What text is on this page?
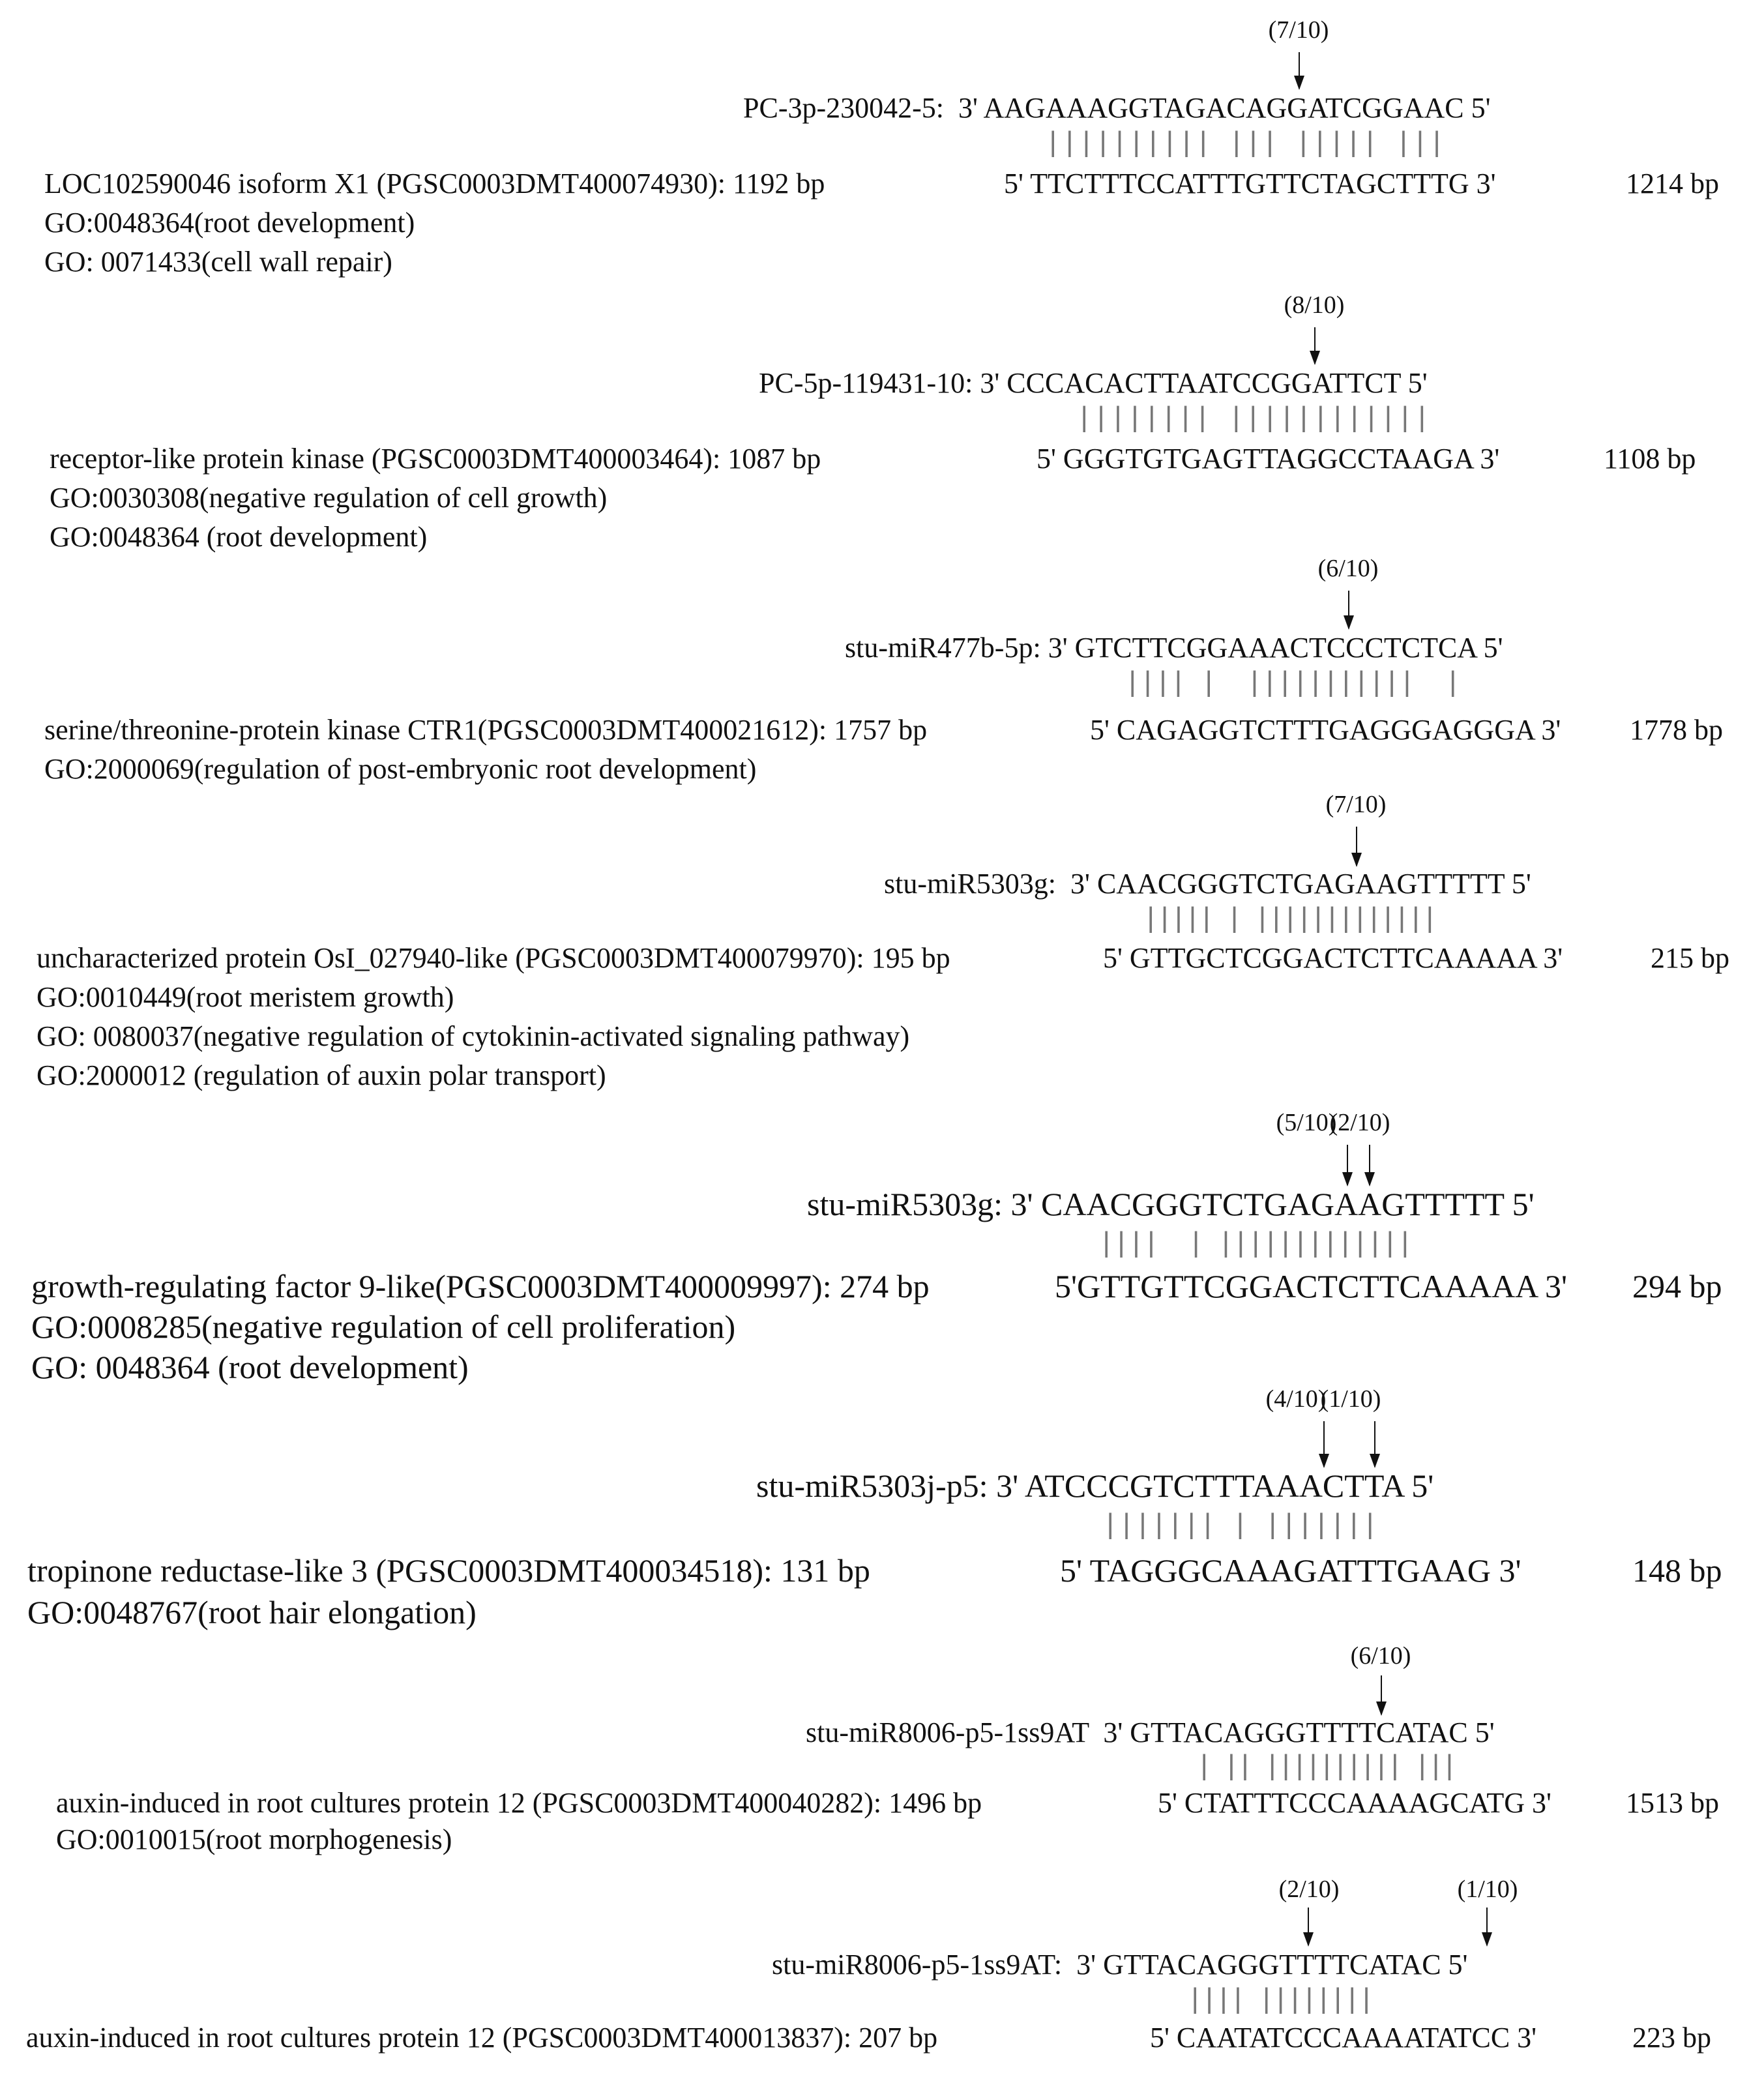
(7/10)
PC-3p-230042-5: 3' AAGAAAGGTAGACAGGATCGGAAC 5'
|||||||||| ||| ||||| |||
LOC102590046 isoform X1 (PGSC0003DMT400074930): 1192 bp	5' TTCTTTCCATTTGTTCTAGCTTTG 3'	1214 bp
GO:0048364(root development)
GO: 0071433(cell wall repair)
(8/10)
PC-5p-119431-10: 3' CCCACACTTAATCCGGATTCT 5'
|||||||| ||||||||||||
receptor-like protein kinase (PGSC0003DMT400003464): 1087 bp	5' GGGTGTGAGTTAGGCCTAAGA 3'	1108 bp
GO:0030308(negative regulation of cell growth)
GO:0048364 (root development)
(6/10)
stu-miR477b-5p: 3' GTCTTCGGAAACTCCCTCTCA 5'
|||| |  |||||||||||  |
serine/threonine-protein kinase CTR1(PGSC0003DMT400021612): 1757 bp	5' CAGAGGTCTTTGAGGGAGGGA 3' 1778 bp
GO:2000069(regulation of post-embryonic root development)
(7/10)
stu-miR5303g: 3' CAACGGGTCTGAGAAGTTTTT 5'
||||| | |||||||||||||
uncharacterized protein OsI_027940-like (PGSC0003DMT400079970): 195 bp	5' GTTGCTCGGACTCTTCAAAAA 3'	215 bp
GO:0010449(root meristem growth)
GO: 0080037(negative regulation of cytokinin-activated signaling pathway)
GO:2000012 (regulation of auxin polar transport)
(5/10)
(2/10)
stu-miR5303g: 3' CAACGGGTCTGAGAAGTTTTT 5'
||||  | |||||||||||||
growth-regulating factor 9-like(PGSC0003DMT400009997): 274 bp	5'GTTGTTCGGACTCTTCAAAAA 3' 294 bp
GO:0008285(negative regulation of cell proliferation)
GO: 0048364 (root development)
(4/10)
(1/10)
stu-miR5303j-p5: 3' ATCCCGTCTTTAAACTTA 5'
||||||| | |||||||
tropinone reductase-like 3 (PGSC0003DMT400034518): 131 bp	5' TAGGGCAAAGATTTGAAG 3'	148 bp
GO:0048767(root hair elongation)
(6/10)
stu-miR8006-p5-1ss9AT 3' GTTACAGGGTTTTCATAC 5'
| || |||||||||| |||
auxin-induced in root cultures protein 12 (PGSC0003DMT400040282): 1496 bp	5' CTATTTCCCAAAAGCATG 3'	1513 bp
GO:0010015(root morphogenesis)
(2/10)	(1/10)
stu-miR8006-p5-1ss9AT: 3' GTTACAGGGTTTTCATAC 5'
|||| ||||||||
auxin-induced in root cultures protein 12 (PGSC0003DMT400013837): 207 bp	5' CAATATCCCAAAATATCC 3'	223 bp
